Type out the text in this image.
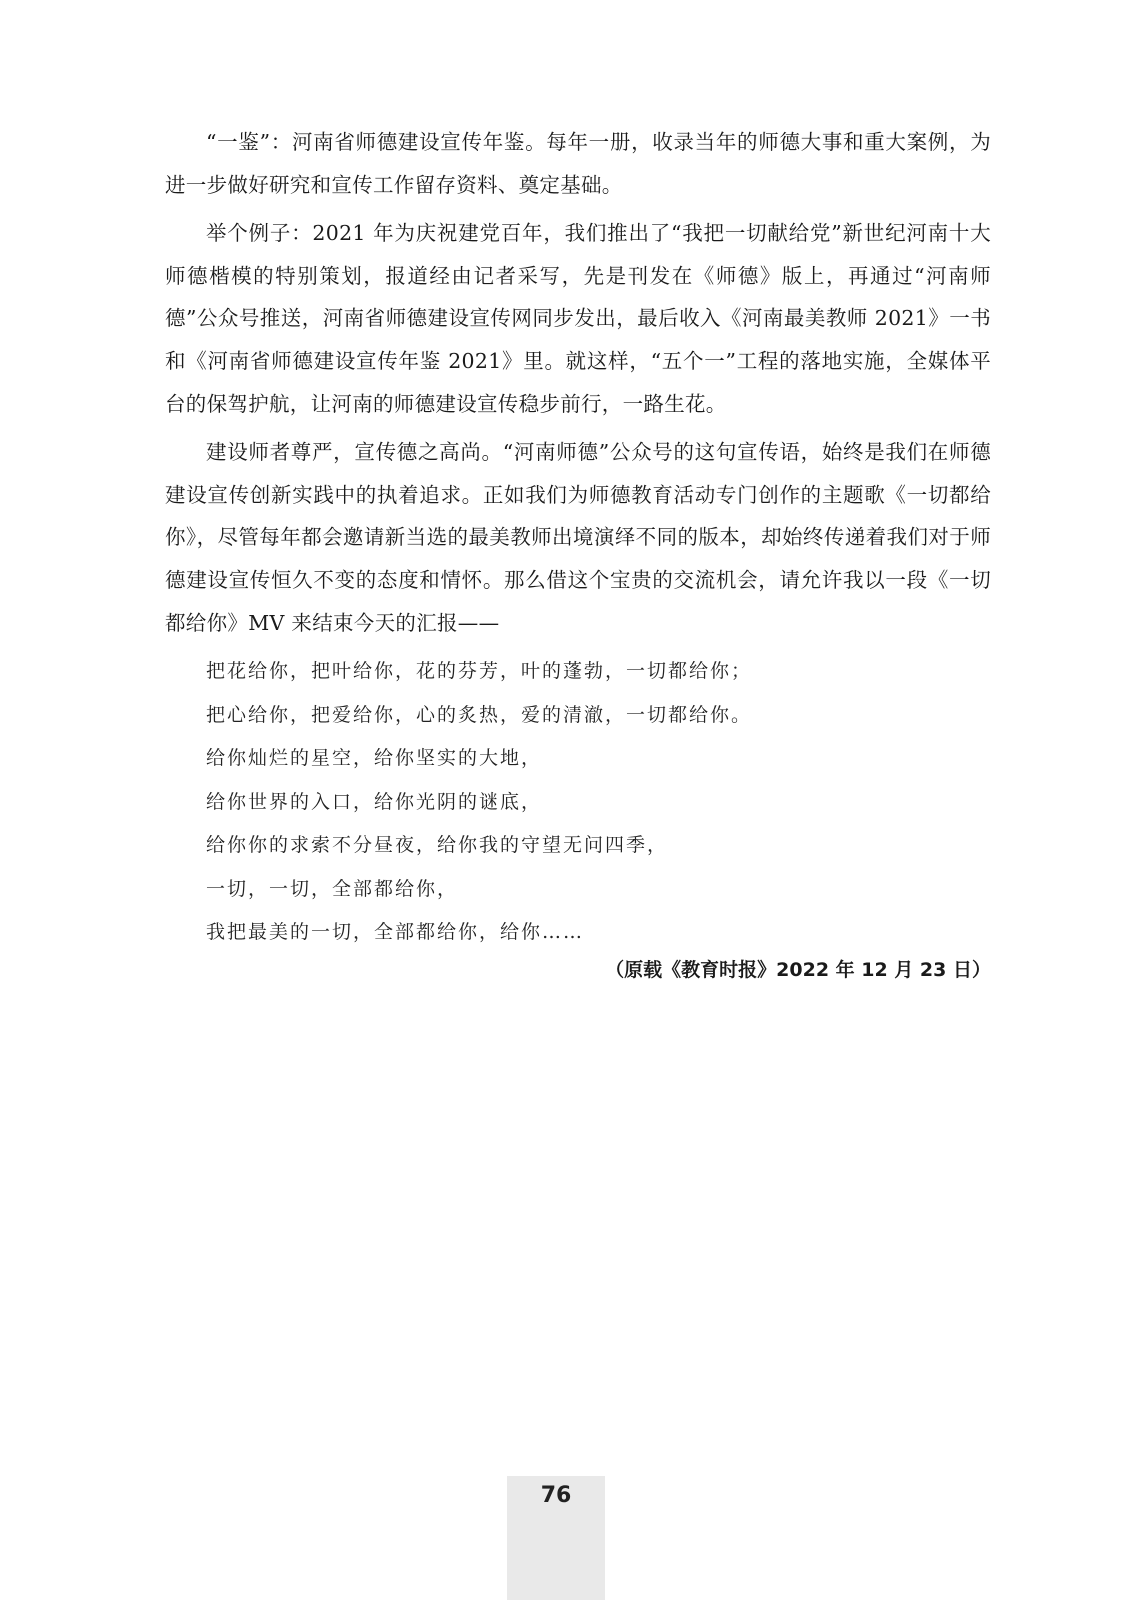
“一鉴”：河南省师德建设宣传年鉴。每年一册，收录当年的师德大事和重大案例，为进一步做好研究和宣传工作留存资料、奠定基础。

举个例子：2021 年为庆祝建党百年，我们推出了“我把一切献给党”新世纪河南十大师德楷模的特别策划，报道经由记者采写，先是刊发在《师德》版上，再通过“河南师德”公众号推送，河南省师德建设宣传网同步发出，最后收入《河南最美教师 2021》一书和《河南省师德建设宣传年鉴 2021》里。就这样，“五个一”工程的落地实施，全媒体平台的保驾护航，让河南的师德建设宣传稳步前行，一路生花。

建设师者尊严，宣传德之高尚。“河南师德”公众号的这句宣传语，始终是我们在师德建设宣传创新实践中的执着追求。正如我们为师德教育活动专门创作的主题歌《一切都给你》，尽管每年都会邀请新当选的最美教师出境演绎不同的版本，却始终传递着我们对于师德建设宣传恒久不变的态度和情怀。那么借这个宝贵的交流机会，请允许我以一段《一切都给你》MV 来结束今天的汇报——

把花给你，把叶给你，花的芬芳，叶的蓬勃，一切都给你；
把心给你，把爱给你，心的炙热，爱的清澈，一切都给你。
给你灿烂的星空，给你坚实的大地，
给你世界的入口，给你光阴的谜底，
给你你的求索不分昼夜，给你我的守望无问四季，
一切，一切，全部都给你，
我把最美的一切，全部都给你，给你……
（原载《教育时报》2022 年 12 月 23 日）
76
